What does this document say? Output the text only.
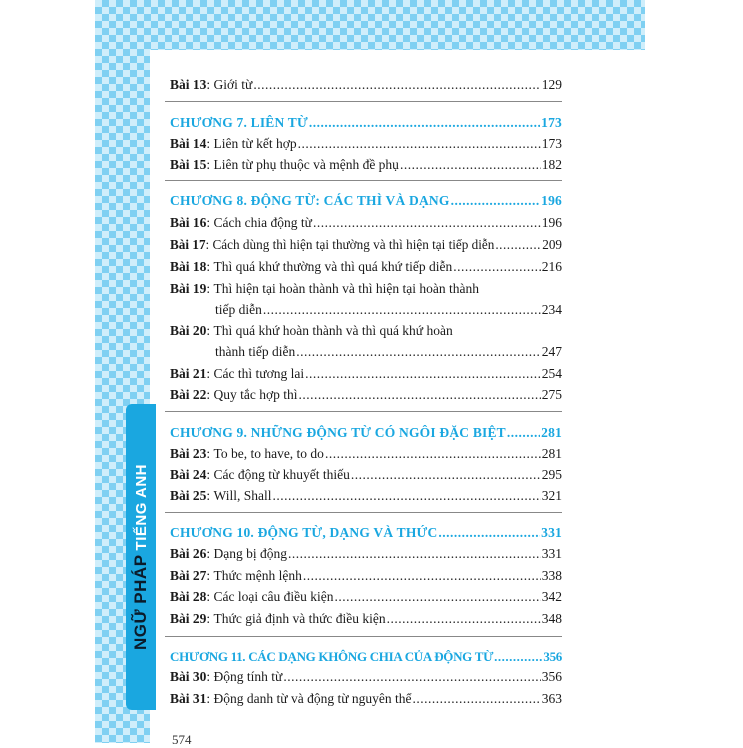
NGỮ PHÁP
TIẾNG ANH
Bài 13 : Giới từ .....	129
CHƯƠNG 7. LIÊN TỪ .....	173
Bài 14 : Liên từ kết hợp .....	173
Bài 15 : Liên từ phụ thuộc và mệnh đề phụ .....	182
CHƯƠNG 8. ĐỘNG TỪ: CÁC THÌ VÀ DẠNG .....	196
Bài 16 : Cách chia động từ .....	196
Bài 17 : Cách dùng thì hiện tại thường và thì hiện tại tiếp diễn .....	209
Bài 18 : Thì quá khứ thường và thì quá khứ tiếp diễn .....	216
Bài 19 : Thì hiện tại hoàn thành và thì hiện tại hoàn thành
tiếp diễn .....	234
Bài 20 : Thì quá khứ hoàn thành và thì quá khứ hoàn
thành tiếp diễn .....	247
Bài 21 : Các thì tương lai .....	254
Bài 22 : Quy tắc hợp thì .....	275
CHƯƠNG 9. NHỮNG ĐỘNG TỪ CÓ NGÔI ĐẶC BIỆT .....	281
Bài 23 : To be, to have, to do .....	281
Bài 24 : Các động từ khuyết thiếu .....	295
Bài 25 : Will, Shall .....	321
CHƯƠNG 10. ĐỘNG TỪ, DẠNG VÀ THỨC .....	331
Bài 26 : Dạng bị động .....	331
Bài 27 : Thức mệnh lệnh .....	338
Bài 28 : Các loại câu điều kiện .....	342
Bài 29 : Thức giả định và thức điều kiện .....	348
CHƯƠNG 11. CÁC DẠNG KHÔNG CHIA CỦA ĐỘNG TỪ .....	356
Bài 30 : Động tính từ .....	356
Bài 31 : Động danh từ và động từ nguyên thể .....	363
574
